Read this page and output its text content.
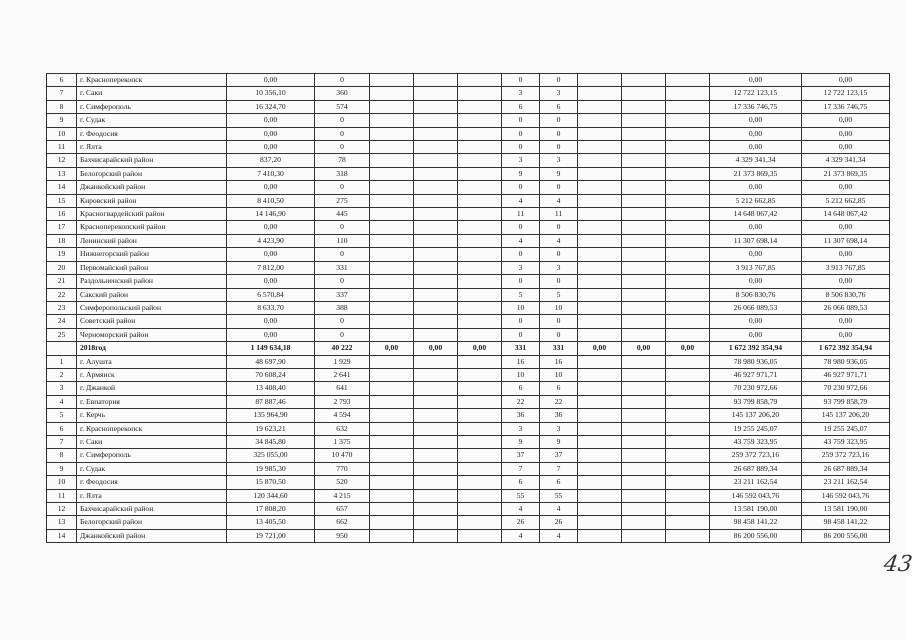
6	г. Красноперекопск	0,00	0				0	0				0,00	0,00
7	г. Саки	10 356,10	360				3	3				12 722 123,15	12 722 123,15
8	г. Симферополь	16 324,70	574				6	6				17 336 746,75	17 336 746,75
9	г. Судак	0,00	0				0	0				0,00	0,00
10	г. Феодосия	0,00	0				0	0				0,00	0,00
11	г. Ялта	0,00	0				0	0				0,00	0,00
12	Бахчисарайский район	837,20	78				3	3				4 329 341,34	4 329 341,34
13	Белогорский район	7 410,30	318				9	9				21 373 869,35	21 373 869,35
14	Джанкойский район	0,00	0				0	0				0,00	0,00
15	Кировский район	8 410,50	275				4	4				5 212 662,85	5 212 662,85
16	Красногвардейский район	14 146,90	445				11	11				14 648 067,42	14 648 067,42
17	Красноперекопский район	0,00	0				0	0				0,00	0,00
18	Ленинский район	4 423,90	110				4	4				11 307 698,14	11 307 698,14
19	Нижнегорский район	0,00	0				0	0				0,00	0,00
20	Первомайский район	7 812,00	331				3	3				3 913 767,85	3 913 767,85
21	Раздольненский район	0,00	0				0	0				0,00	0,00
22	Сакский район	6 570,84	337				5	5				8 506 830,76	8 506 830,76
23	Симферопольский район	8 633,70	388				10	10				26 066 089,53	26 066 089,53
24	Советский район	0,00	0				0	0				0,00	0,00
25	Черноморский район	0,00	0				0	0				0,00	0,00
	2018год	1 149 634,18	40 222	0,00	0,00	0,00	331	331	0,00	0,00	0,00	1 672 392 354,94	1 672 392 354,94
1	г. Алушта	48 697,90	1 929				16	16				78 980 936,05	78 980 936,05
2	г. Армянск	70 608,24	2 641				10	10				46 927 971,71	46 927 971,71
3	г. Джанкой	13 408,40	641				6	6				70 230 972,66	70 230 972,66
4	г. Евпатория	87 887,46	2 793				22	22				93 799 858,79	93 799 858,79
5	г. Керчь	135 964,90	4 594				36	36				145 137 206,20	145 137 206,20
6	г. Красноперекопск	19 623,21	632				3	3				19 255 245,07	19 255 245,07
7	г. Саки	34 845,80	1 375				9	9				43 759 323,95	43 759 323,95
8	г. Симферополь	325 055,00	10 470				37	37				259 372 723,16	259 372 723,16
9	г. Судак	19 985,30	770				7	7				26 687 889,34	26 687 889,34
10	г. Феодосия	15 870,50	520				6	6				23 211 162,54	23 211 162,54
11	г. Ялта	120 344,60	4 215				55	55				146 592 043,76	146 592 043,76
12	Бахчисарайский район	17 808,20	657				4	4				13 581 190,00	13 581 190,00
13	Белогорский район	13 405,50	662				26	26				98 458 141,22	98 458 141,22
14	Джанкойский район	19 721,00	950				4	4				86 200 556,00	86 200 556,00
43
